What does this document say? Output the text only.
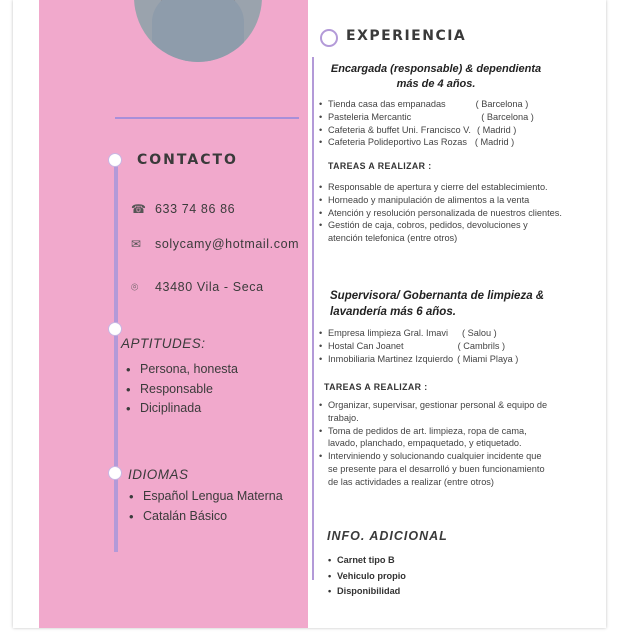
CONTACTO
☎ 633 74 86 86
✉ solycamy@hotmail.com
⌾ 43480 Vila - Seca
APTITUDES:
• Persona, honesta
• Responsable
• Diciplinada
IDIOMAS
• Español Lengua Materna
• Catalán Básico
EXPERIENCIA
Encargada (responsable) & dependienta
más de 4 años.
• Tienda casa das empanadas	( Barcelona )
• Pasteleria Mercantic	( Barcelona )
• Cafeteria & buffet Uni. Francisco V. ( Madrid )
• Cafeteria Polideportivo Las Rozas ( Madrid )
TAREAS A REALIZAR :
• Responsable de apertura y cierre del establecimiento.
• Horneado y manipulación de alimentos a la venta
• Atención y resolución personalizada de nuestros clientes.
• Gestión de caja, cobros, pedidos, devoluciones y atención telefonica (entre otros)
Supervisora/ Gobernanta de limpieza &
lavandería más 6 años.
• Empresa limpieza Gral. Imavi ( Salou )
• Hostal Can Joanet	( Cambrils )
• Inmobiliaria Martinez Izquierdo ( Miami Playa )
TAREAS A REALIZAR :
• Organizar, supervisar, gestionar personal & equipo de trabajo.
• Toma de pedidos de art. limpieza, ropa de cama, lavado, planchado, empaquetado, y etiquetado.
• Interviniendo y solucionando cualquier incidente que se presente para el desarrolló y buen funcionamiento de las actividades a realizar (entre otros)
INFO. ADICIONAL
• Carnet tipo B
• Vehiculo propio
• Disponibilidad
